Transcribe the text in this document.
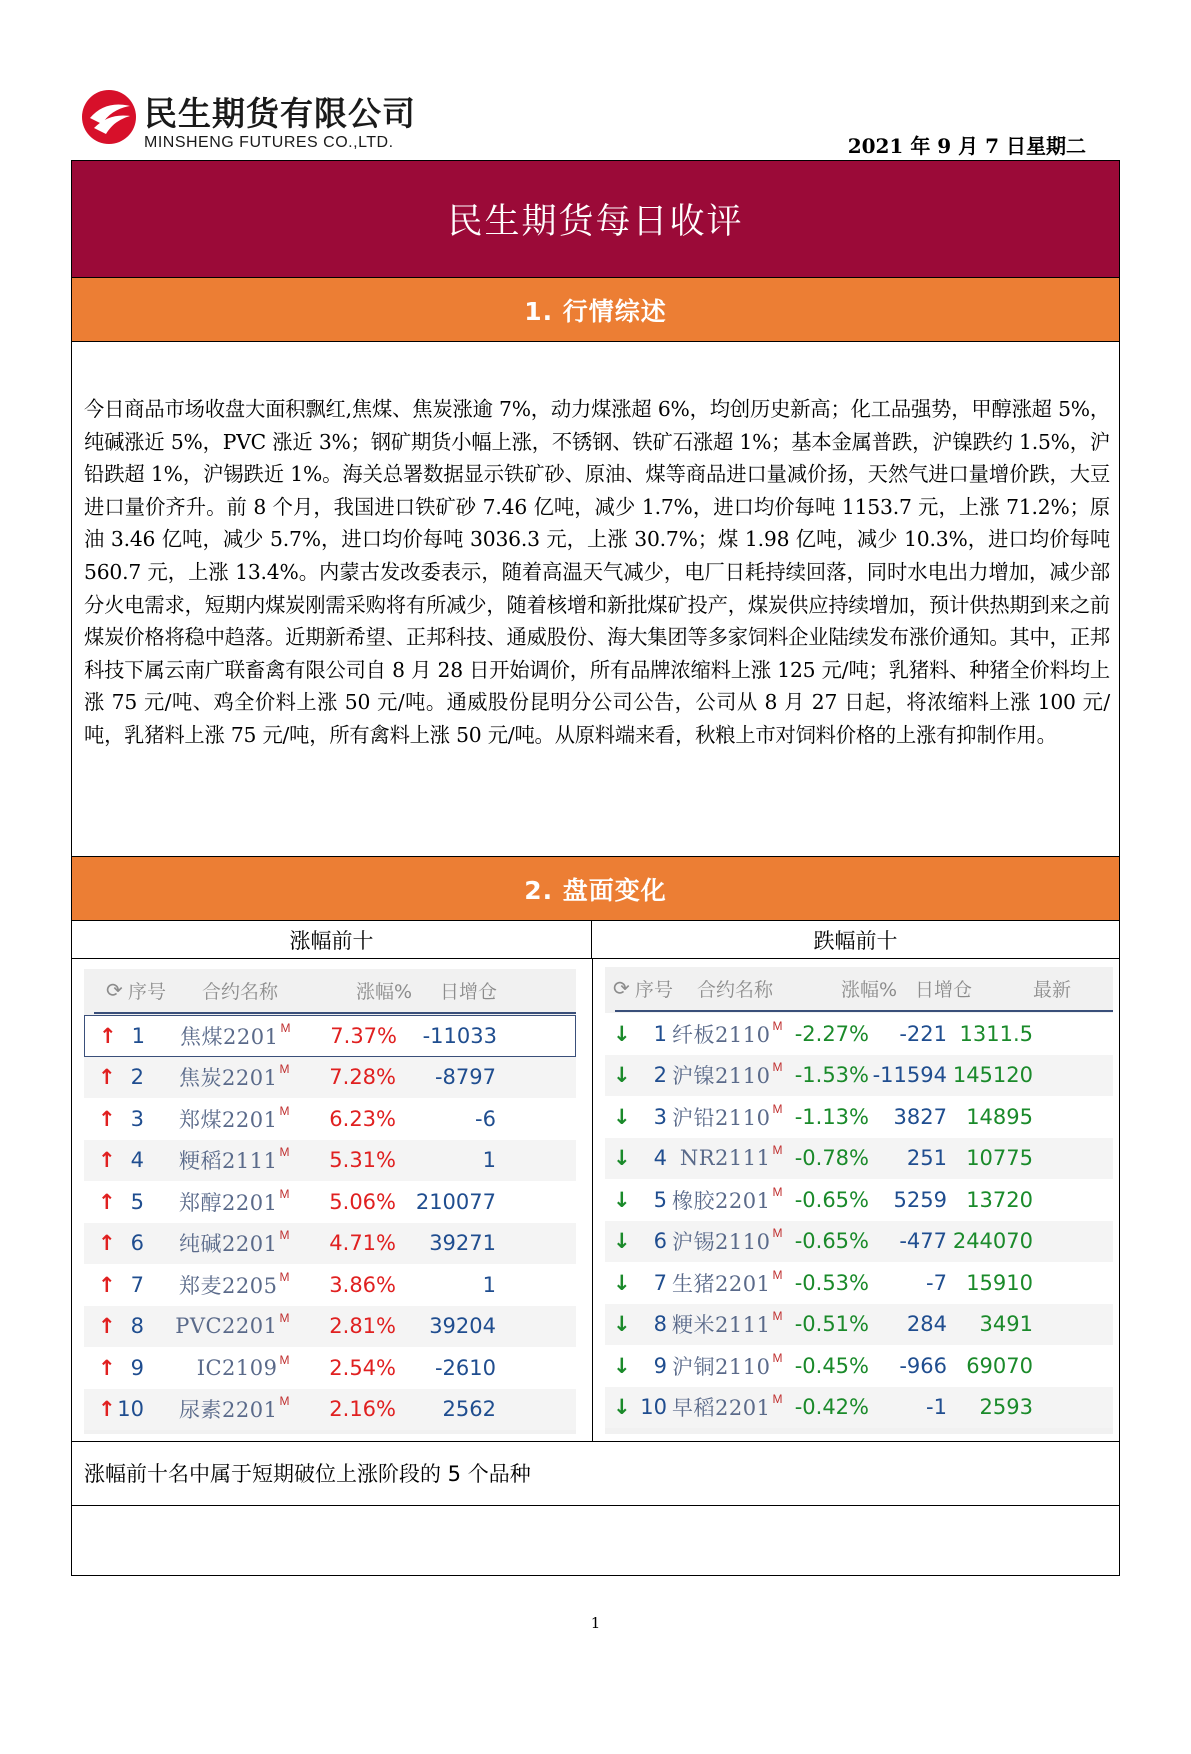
民生期货有限公司
MINSHENG FUTURES CO.,LTD.	2021 年 9 月 7 日星期二
民生期货每日收评
1. 行情综述
今日商品市场收盘大面积飘红,焦煤、焦炭涨逾 7%，动力煤涨超 6%，均创历史新高；化工品强势，甲醇涨超 5%，纯碱涨近 5%，PVC 涨近 3%；钢矿期货小幅上涨，不锈钢、铁矿石涨超 1%；基本金属普跌，沪镍跌约 1.5%，沪铅跌超 1%，沪锡跌近 1%。海关总署数据显示铁矿砂、原油、煤等商品进口量减价扬，天然气进口量增价跌，大豆进口量价齐升。前 8 个月，我国进口铁矿砂 7.46 亿吨，减少 1.7%，进口均价每吨 1153.7 元，上涨 71.2%；原油 3.46 亿吨，减少 5.7%，进口均价每吨 3036.3 元，上涨 30.7%；煤 1.98 亿吨，减少 10.3%，进口均价每吨 560.7 元，上涨 13.4%。内蒙古发改委表示，随着高温天气减少，电厂日耗持续回落，同时水电出力增加，减少部分火电需求，短期内煤炭刚需采购将有所减少，随着核增和新批煤矿投产，煤炭供应持续增加，预计供热期到来之前煤炭价格将稳中趋落。近期新希望、正邦科技、通威股份、海大集团等多家饲料企业陆续发布涨价通知。其中，正邦科技下属云南广联畜禽有限公司自 8 月 28 日开始调价，所有品牌浓缩料上涨 125 元/吨；乳猪料、种猪全价料均上涨 75 元/吨、鸡全价料上涨 50 元/吨。通威股份昆明分公司公告，公司从 8 月 27 日起，将浓缩料上涨 100 元/吨，乳猪料上涨 75 元/吨，所有禽料上涨 50 元/吨。从原料端来看，秋粮上市对饲料价格的上涨有抑制作用。
2. 盘面变化
涨幅前十	跌幅前十
⟳ 序号 合约名称	涨幅% 日增仓
↑ 1 焦煤$2201^M$	7.37%	-11033
↑ 2 焦炭$2201^M$	7.28%	-8797
↑ 3 郑煤$2201^M$	6.23%	-6
↑ 4 粳稻$2111^M$	5.31%	1
↑ 5 郑醇$2201^M$	5.06% 210077
↑ 6 纯碱$2201^M$	4.71%	39271
↑ 7 郑麦$2205^M$	3.86%	1
↑ 8 $PVC2201^M$	2.81%	39204
↑ 9	$IC2109^M$	2.54%	-2610
↑ 10 尿素$2201^M$	2.16%	2562
⟳ 序号 合约名称	涨幅% 日增仓	最新
↓	1 纤板$2110^M$ -2.27%	-221 1311.5
↓	2 沪镍$2110^M$ -1.53% -11594 145120
↓	3 沪铅$2110^M$ -1.13%	3827 14895
↓	4 $NR2111^M$ -0.78%	251 10775
↓	5 橡胶$2201^M$ -0.65%	5259 13720
↓	6 沪锡$2110^M$ -0.65%	-477 244070
↓	7 生猪$2201^M$ -0.53%	-7 15910
↓	8 粳米$2111^M$ -0.51%	284	3491
↓	9 沪铜$2110^M$ -0.45%	-966 69070
↓ 10 早稻$2201^M$ -0.42%	-1	2593
涨幅前十名中属于短期破位上涨阶段的 5 个品种
1
